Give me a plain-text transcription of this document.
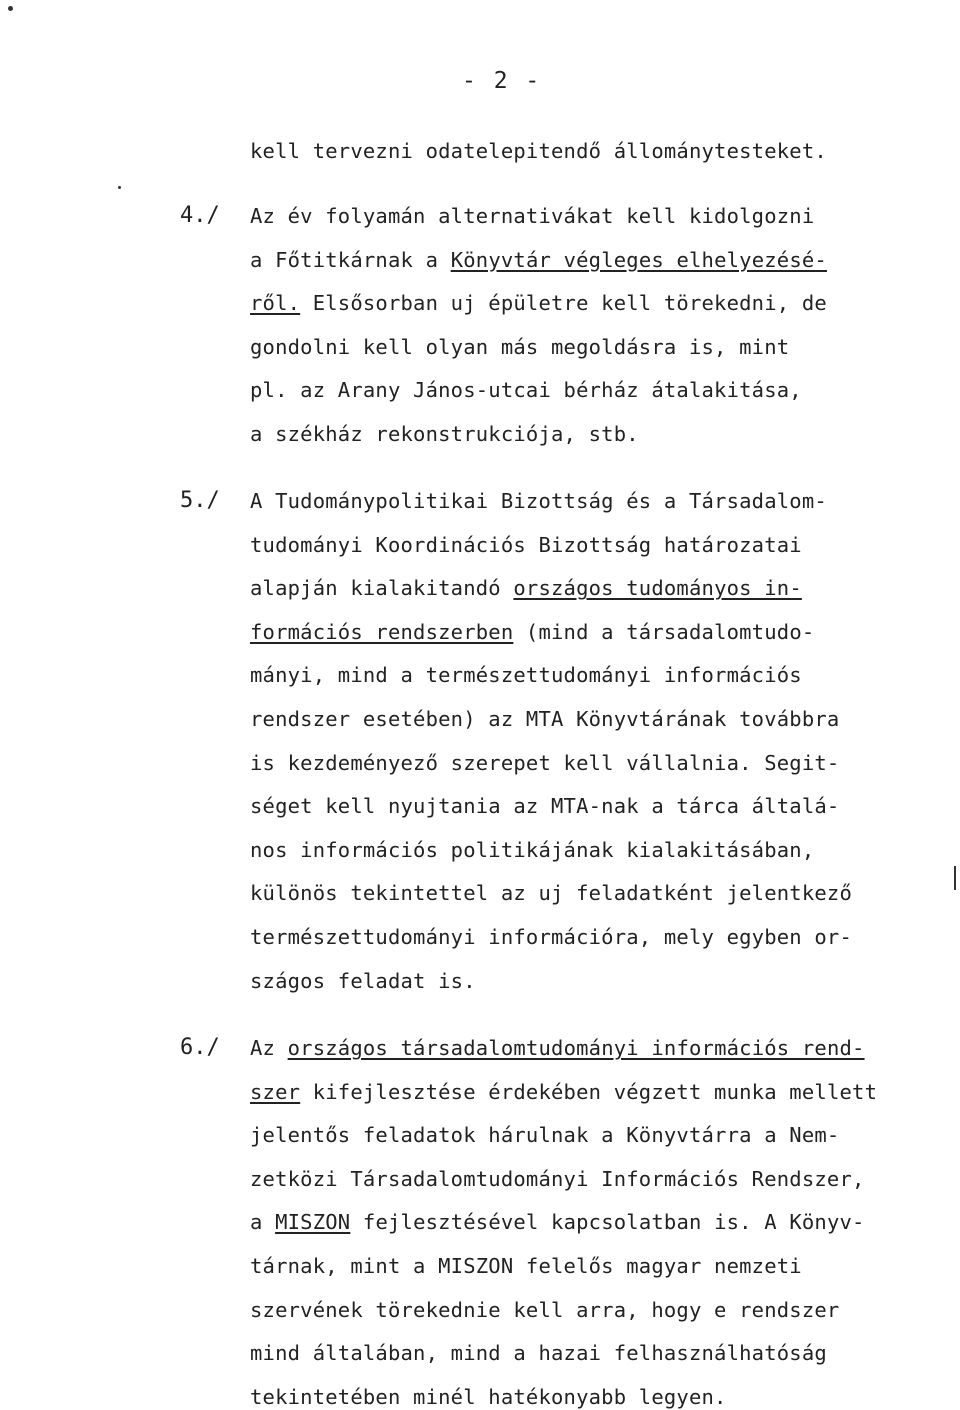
- 2 -
kell tervezni odatelepitendő állománytesteket.
4./ Az év folyamán alternativákat kell kidolgozni
a Főtitkárnak a Könyvtár végleges elhelyezésé-
ről. Elsősorban uj épületre kell törekedni, de
gondolni kell olyan más megoldásra is, mint
pl. az Arany János-utcai bérház átalakitása,
a székház rekonstrukciója, stb.
5./ A Tudománypolitikai Bizottság és a Társadalom-
tudományi Koordinációs Bizottság határozatai
alapján kialakitandó országos tudományos in-
formációs rendszerben (mind a társadalomtudo-
mányi, mind a természettudományi információs
rendszer esetében) az MTA Könyvtárának továbbra
is kezdeményező szerepet kell vállalnia. Segit-
séget kell nyujtania az MTA-nak a tárca általá-
nos információs politikájának kialakitásában,
különös tekintettel az uj feladatként jelentkező
természettudományi információra, mely egyben or-
szágos feladat is.
6./ Az országos társadalomtudományi információs rend-
szer kifejlesztése érdekében végzett munka mellett
jelentős feladatok hárulnak a Könyvtárra a Nem-
zetközi Társadalomtudományi Információs Rendszer,
a MISZON fejlesztésével kapcsolatban is. A Könyv-
tárnak, mint a MISZON felelős magyar nemzeti
szervének törekednie kell arra, hogy e rendszer
mind általában, mind a hazai felhasználhatóság
tekintetében minél hatékonyabb legyen.
